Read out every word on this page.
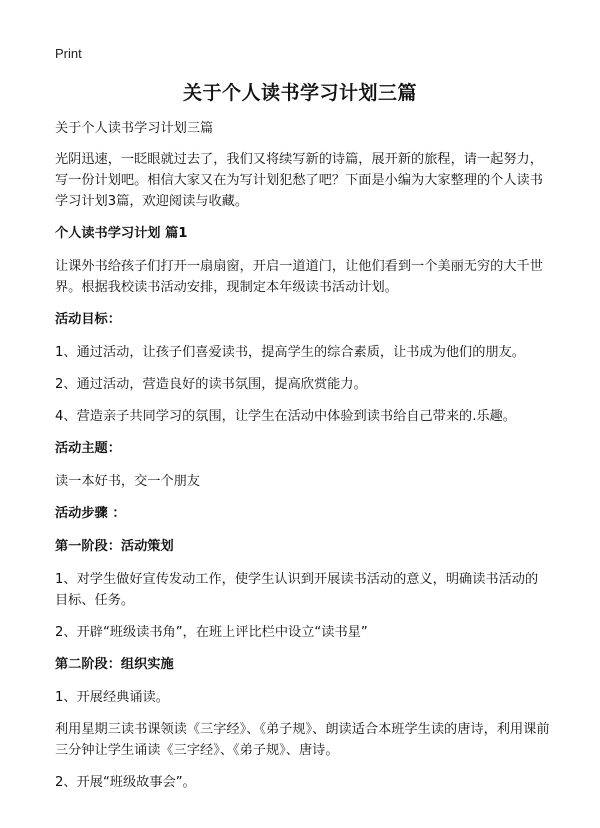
Print
关于个人读书学习计划三篇

关于个人读书学习计划三篇

光阴迅速，一眨眼就过去了，我们又将续写新的诗篇，展开新的旅程，请一起努力，写一份计划吧。相信大家又在为写计划犯愁了吧？下面是小编为大家整理的个人读书学习计划3篇，欢迎阅读与收藏。

个人读书学习计划 篇1

让课外书给孩子们打开一扇扇窗，开启一道道门，让他们看到一个美丽无穷的大千世界。根据我校读书活动安排，现制定本年级读书活动计划。

活动目标：

1、通过活动，让孩子们喜爱读书，提高学生的综合素质，让书成为他们的朋友。

2、通过活动，营造良好的读书氛围，提高欣赏能力。

4、营造亲子共同学习的氛围，让学生在活动中体验到读书给自己带来的.乐趣。

活动主题：

读一本好书，交一个朋友

活动步骤 ：

第一阶段：活动策划

1、对学生做好宣传发动工作，使学生认识到开展读书活动的意义，明确读书活动的目标、任务。

2、开辟“班级读书角”，在班上评比栏中设立“读书星”

第二阶段：组织实施

1、开展经典诵读。

利用星期三读书课领读《三字经》、《弟子规》、朗读适合本班学生读的唐诗，利用课前三分钟让学生诵读《三字经》、《弟子规》、唐诗。

2、开展“班级故事会”。
